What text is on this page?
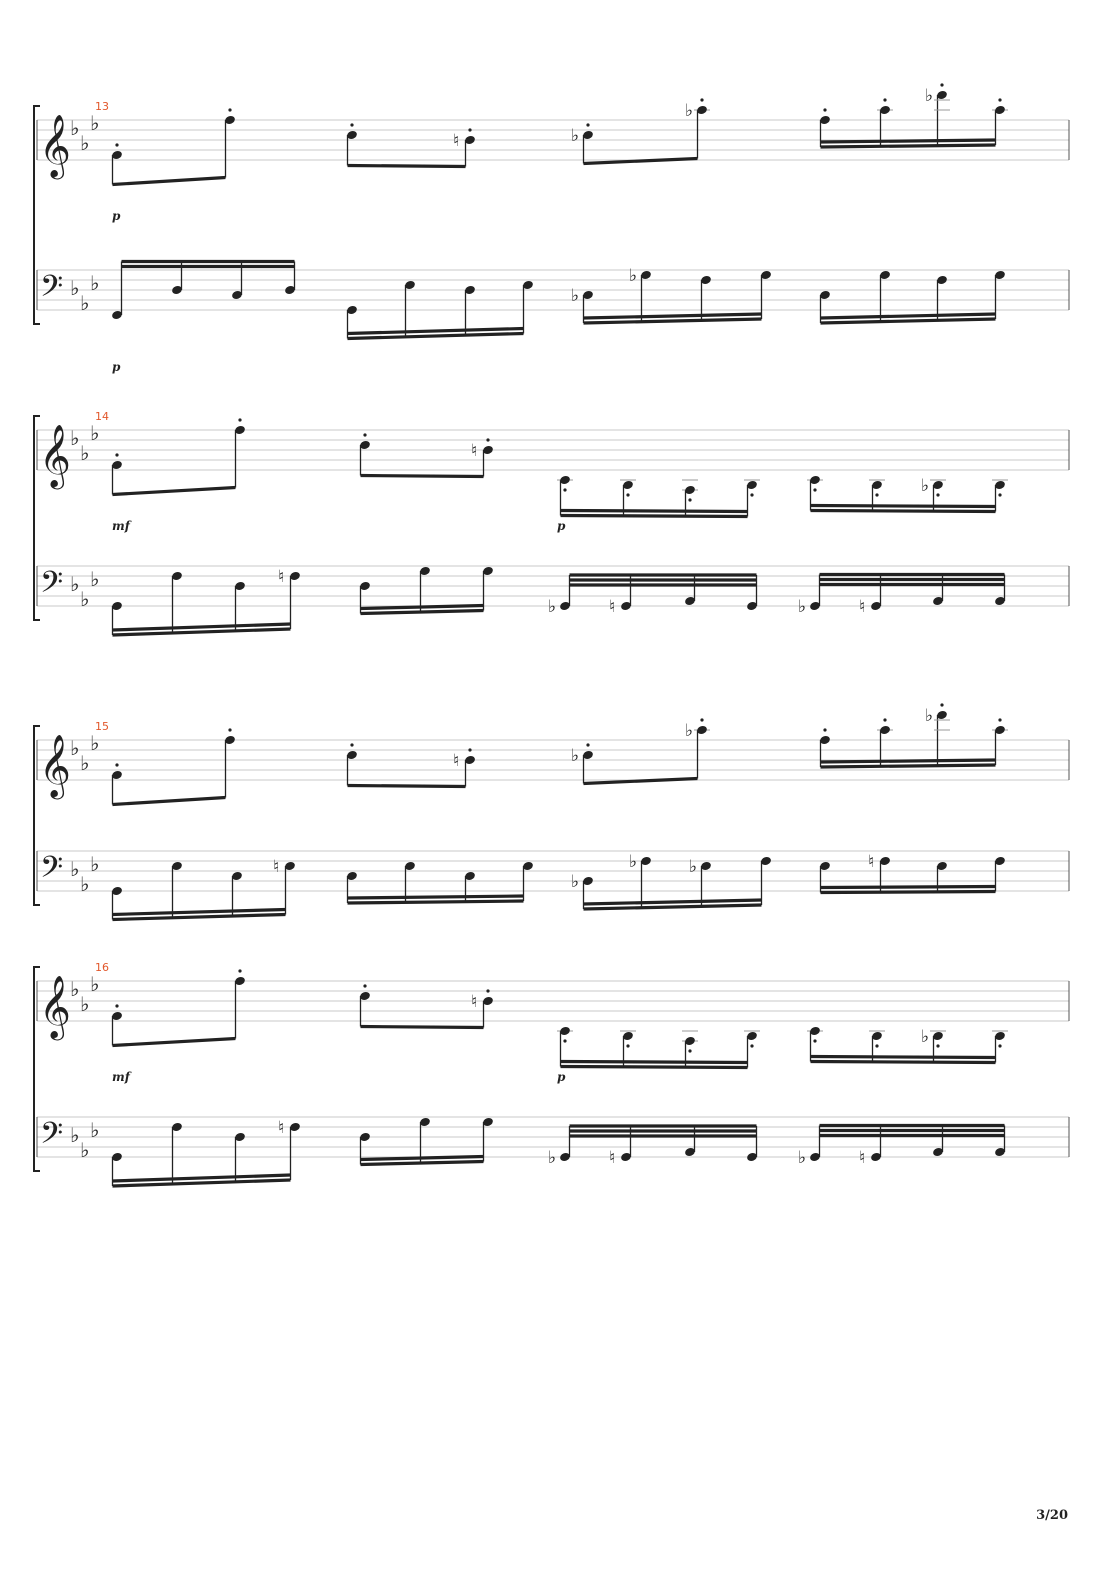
𝄞 ♭
♭
♭
𝄢 ♭
♭
♭
13
p
p
♮	♭
♭
♭
♭
♭
𝄞 ♭
♭
♭
𝄢 ♭
♭
♭
14
mf	p
♮
♭
♮
♭	♮	♭	♮
𝄞 ♭
♭
♭
𝄢 ♭
♭
♭
15
♮	♭
♭
♭
♮
♭
♭	♭	♮
𝄞 ♭
♭
♭
𝄢 ♭
♭
♭
16
mf	p
♮
♭
♮
♭	♮	♭	♮
3/20
